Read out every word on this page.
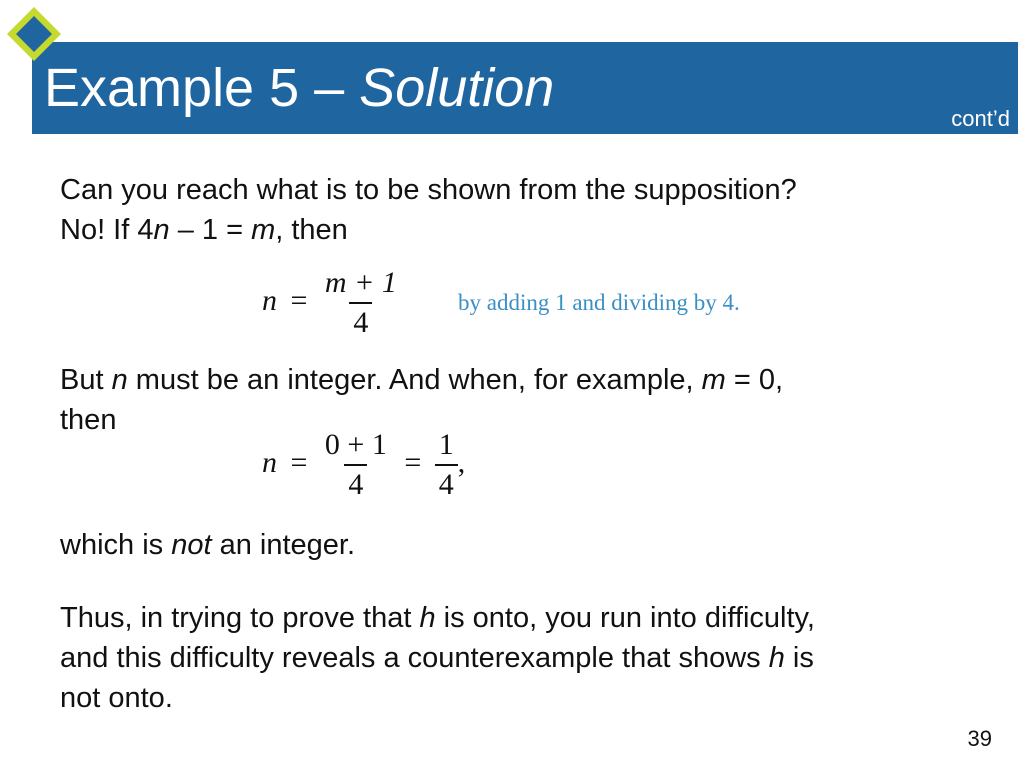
Example 5 – Solution
cont’d
Can you reach what is to be shown from the supposition?
No! If 4n – 1 = m, then
$n = \frac{m + 1}{4}$ by adding 1 and dividing by 4.
But n must be an integer. And when, for example, m = 0,
then
$n = \frac{0 + 1}{4} = \frac{1}{4}$ ,
which is not an integer.
Thus, in trying to prove that h is onto, you run into difficulty,
and this difficulty reveals a counterexample that shows h is
not onto.
39
